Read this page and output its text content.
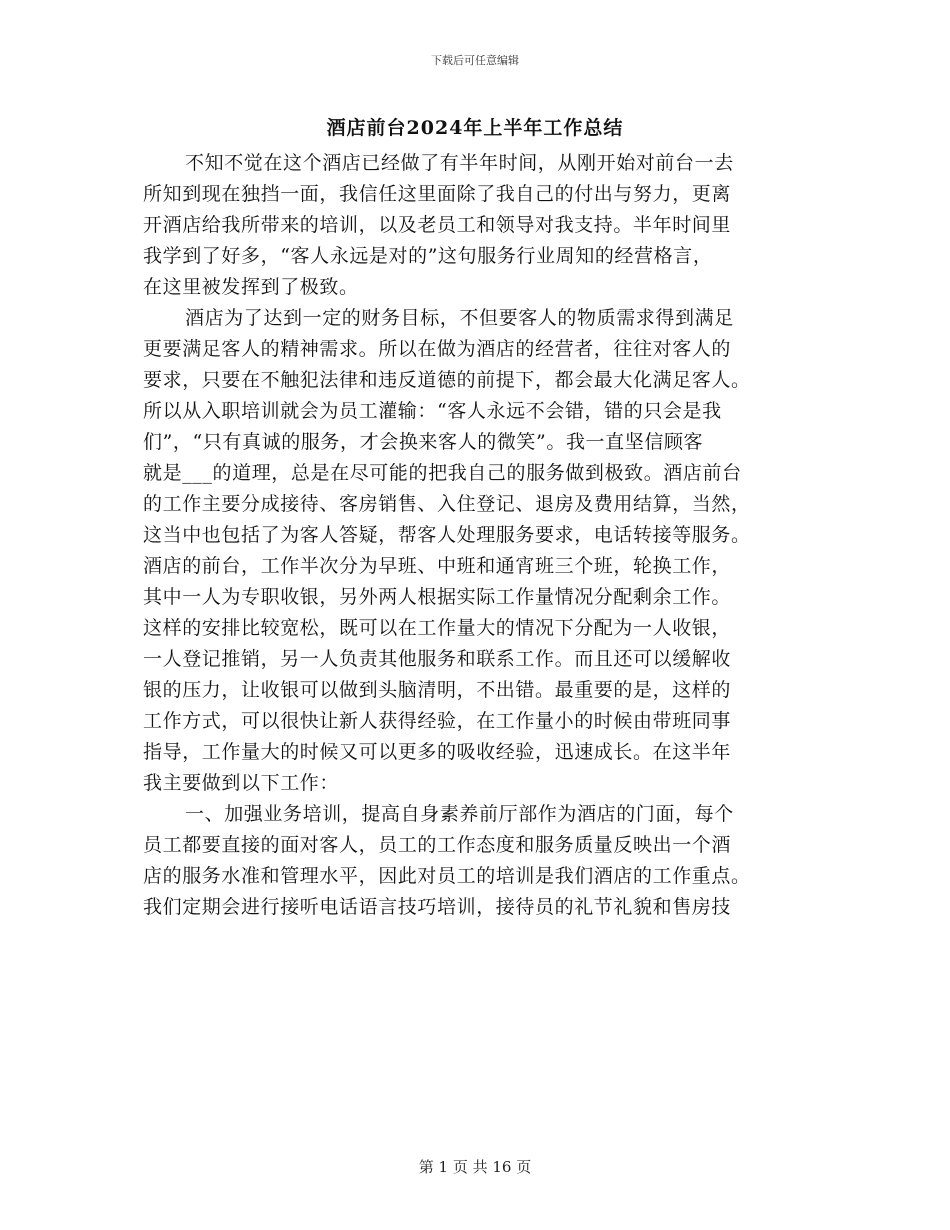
下载后可任意编辑
酒店前台2024年上半年工作总结
不知不觉在这个酒店已经做了有半年时间，从刚开始对前台一去
所知到现在独挡一面，我信任这里面除了我自己的付出与努力，更离
开酒店给我所带来的培训，以及老员工和领导对我支持。半年时间里
我学到了好多，“客人永远是对的”这句服务行业周知的经营格言，
在这里被发挥到了极致。
酒店为了达到一定的财务目标，不但要客人的物质需求得到满足
更要满足客人的精神需求。所以在做为酒店的经营者，往往对客人的
要求，只要在不触犯法律和违反道德的前提下，都会最大化满足客人。
所以从入职培训就会为员工灌输：“客人永远不会错，错的只会是我
们”，“只有真诚的服务，才会换来客人的微笑”。我一直坚信顾客
就是___的道理，总是在尽可能的把我自己的服务做到极致。酒店前台
的工作主要分成接待、客房销售、入住登记、退房及费用结算，当然，
这当中也包括了为客人答疑，帮客人处理服务要求，电话转接等服务。
酒店的前台，工作半次分为早班、中班和通宵班三个班，轮换工作，
其中一人为专职收银，另外两人根据实际工作量情况分配剩余工作。
这样的安排比较宽松，既可以在工作量大的情况下分配为一人收银，
一人登记推销，另一人负责其他服务和联系工作。而且还可以缓解收
银的压力，让收银可以做到头脑清明，不出错。最重要的是，这样的
工作方式，可以很快让新人获得经验，在工作量小的时候由带班同事
指导，工作量大的时候又可以更多的吸收经验，迅速成长。在这半年
我主要做到以下工作：
一、加强业务培训，提高自身素养前厅部作为酒店的门面，每个
员工都要直接的面对客人，员工的工作态度和服务质量反映出一个酒
店的服务水准和管理水平，因此对员工的培训是我们酒店的工作重点。
我们定期会进行接听电话语言技巧培训，接待员的礼节礼貌和售房技
第 1 页 共 16 页
